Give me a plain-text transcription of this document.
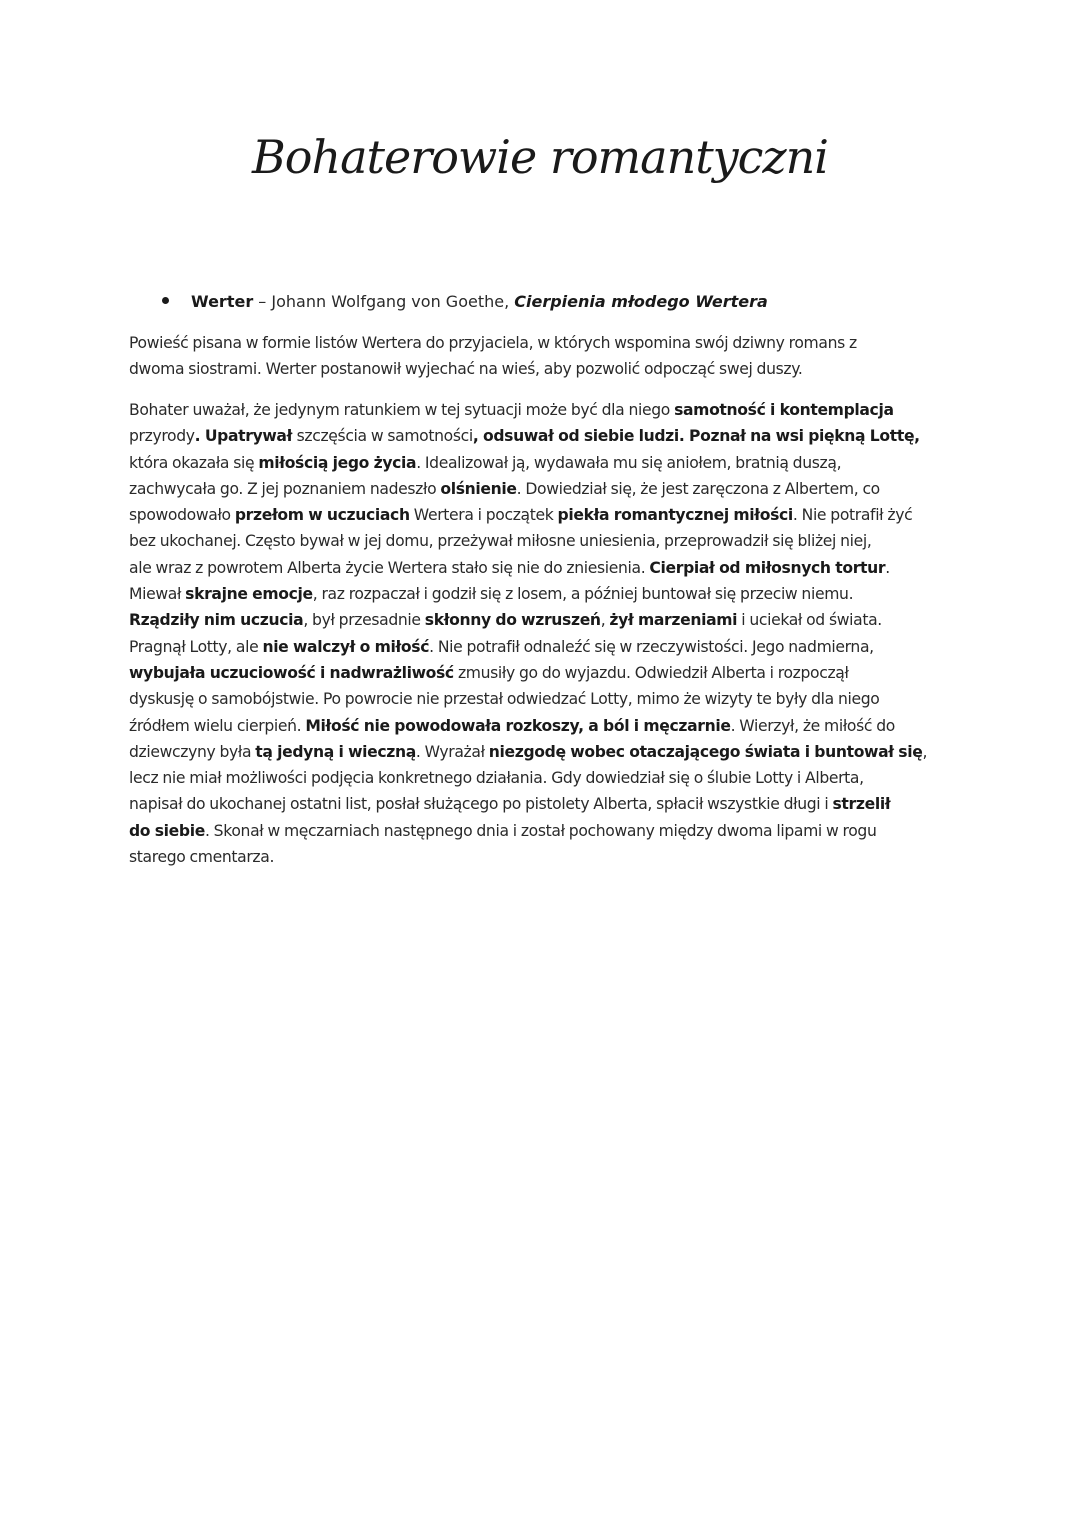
Bohaterowie romantyczni
Werter – Johann Wolfgang von Goethe, Cierpienia młodego Wertera

Powieść pisana w formie listów Wertera do przyjaciela, w których wspomina swój dziwny romans z
dwoma siostrami. Werter postanowił wyjechać na wieś, aby pozwolić odpocząć swej duszy.

Bohater uważał, że jedynym ratunkiem w tej sytuacji może być dla niego samotność i kontemplacja
przyrody. Upatrywał szczęścia w samotności, odsuwał od siebie ludzi. Poznał na wsi piękną Lottę,
która okazała się miłością jego życia. Idealizował ją, wydawała mu się aniołem, bratnią duszą,
zachwycała go. Z jej poznaniem nadeszło olśnienie. Dowiedział się, że jest zaręczona z Albertem, co
spowodowało przełom w uczuciach Wertera i początek piekła romantycznej miłości. Nie potrafił żyć
bez ukochanej. Często bywał w jej domu, przeżywał miłosne uniesienia, przeprowadził się bliżej niej,
ale wraz z powrotem Alberta życie Wertera stało się nie do zniesienia. Cierpiał od miłosnych tortur.
Miewał skrajne emocje, raz rozpaczał i godził się z losem, a później buntował się przeciw niemu.
Rządziły nim uczucia, był przesadnie skłonny do wzruszeń, żył marzeniami i uciekał od świata.
Pragnął Lotty, ale nie walczył o miłość. Nie potrafił odnaleźć się w rzeczywistości. Jego nadmierna,
wybujała uczuciowość i nadwrażliwość zmusiły go do wyjazdu. Odwiedził Alberta i rozpoczął
dyskusję o samobójstwie. Po powrocie nie przestał odwiedzać Lotty, mimo że wizyty te były dla niego
źródłem wielu cierpień. Miłość nie powodowała rozkoszy, a ból i męczarnie. Wierzył, że miłość do
dziewczyny była tą jedyną i wieczną. Wyrażał niezgodę wobec otaczającego świata i buntował się,
lecz nie miał możliwości podjęcia konkretnego działania. Gdy dowiedział się o ślubie Lotty i Alberta,
napisał do ukochanej ostatni list, posłał służącego po pistolety Alberta, spłacił wszystkie długi i strzelił
do siebie. Skonał w męczarniach następnego dnia i został pochowany między dwoma lipami w rogu
starego cmentarza.
